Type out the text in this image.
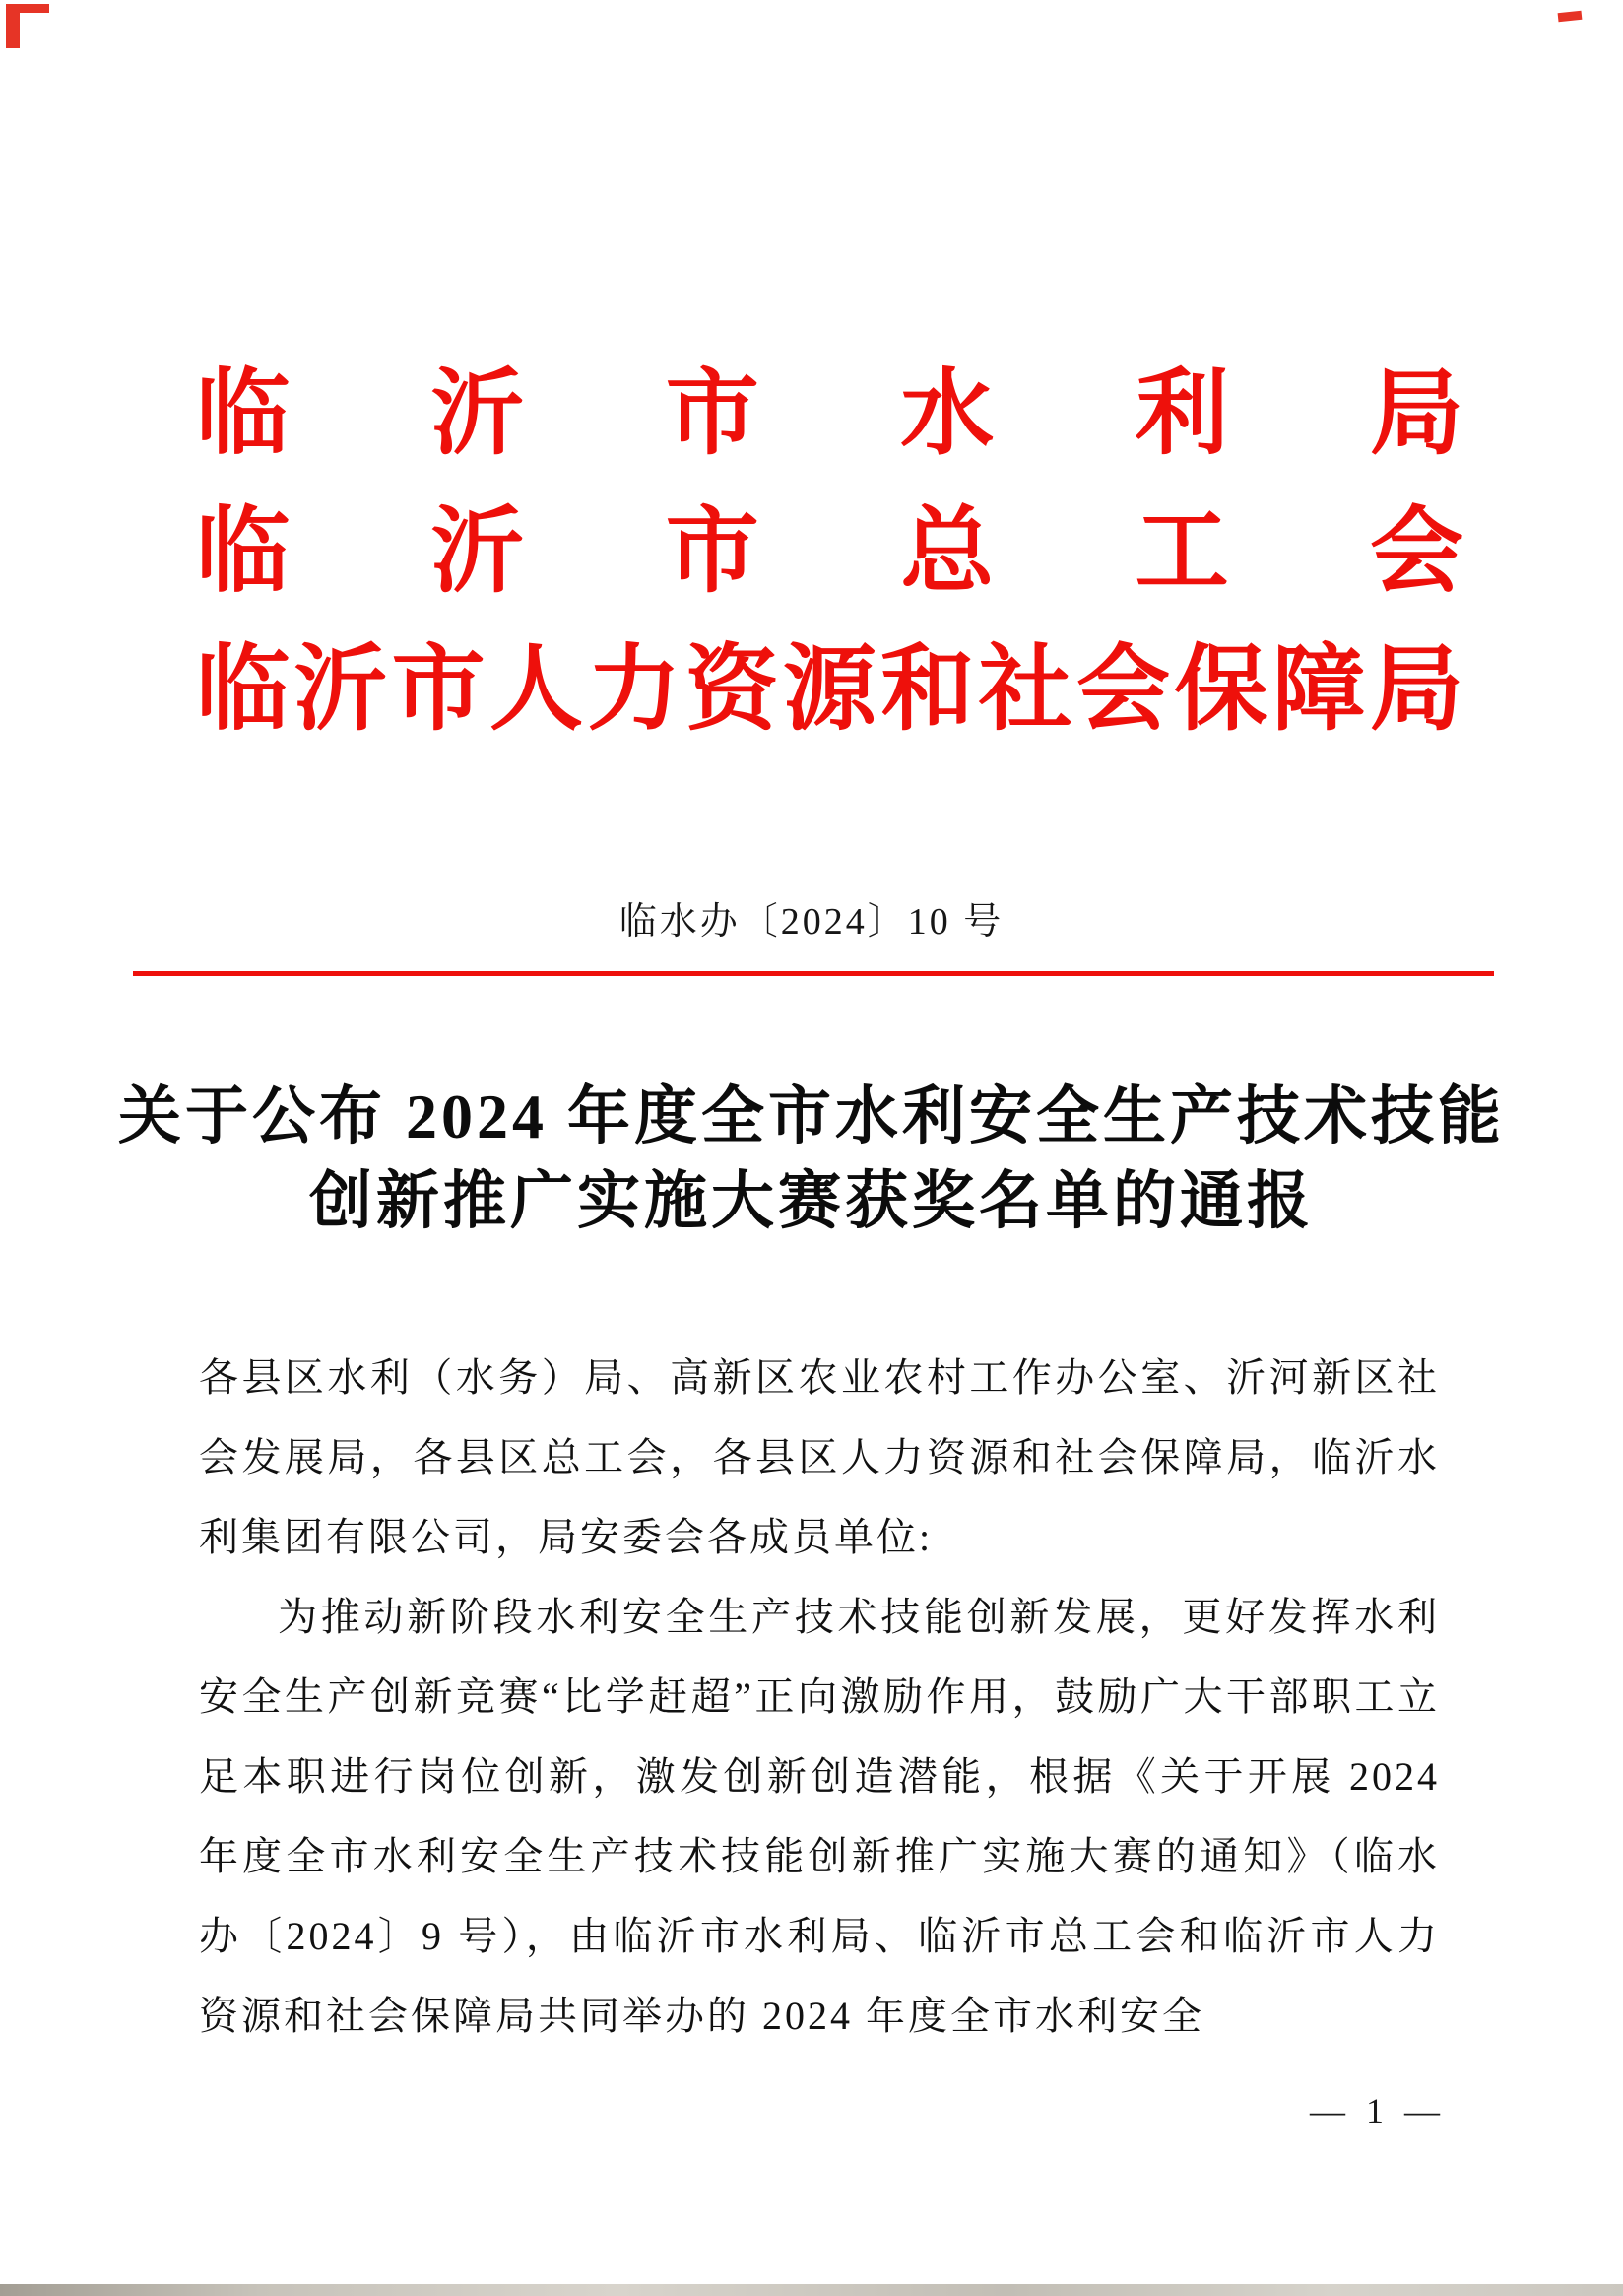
临沂市水利局
临沂市总工会
临沂市人力资源和社会保障局
临水办〔2024〕10 号
关于公布 2024 年度全市水利安全生产技术技能
创新推广实施大赛获奖名单的通报

各县区水利（水务）局、高新区农业农村工作办公室、沂河新区社会发展局，各县区总工会，各县区人力资源和社会保障局，临沂水利集团有限公司，局安委会各成员单位:

为推动新阶段水利安全生产技术技能创新发展，更好发挥水利安全生产创新竞赛“比学赶超”正向激励作用，鼓励广大干部职工立足本职进行岗位创新，激发创新创造潜能，根据《关于开展 2024 年度全市水利安全生产技术技能创新推广实施大赛的通知》（临水办〔2024〕9 号），由临沂市水利局、临沂市总工会和临沂市人力资源和社会保障局共同举办的 2024 年度全市水利安全

— 1 —
